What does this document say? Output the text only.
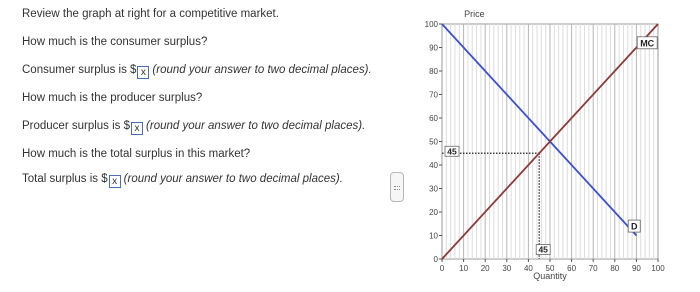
Review the graph at right for a competitive market.
How much is the consumer surplus?
Consumer surplus is $ x (round your answer to two decimal places).
How much is the producer surplus?
Producer surplus is $ x (round your answer to two decimal places).
How much is the total surplus in this market?
Total surplus is $ x (round your answer to two decimal places).
0
10
20
30
40
50
60
70
80
90
100
0 10 20 30 40 50 60 70 80 90 100
Price
Quantity
45
45
MC
D
